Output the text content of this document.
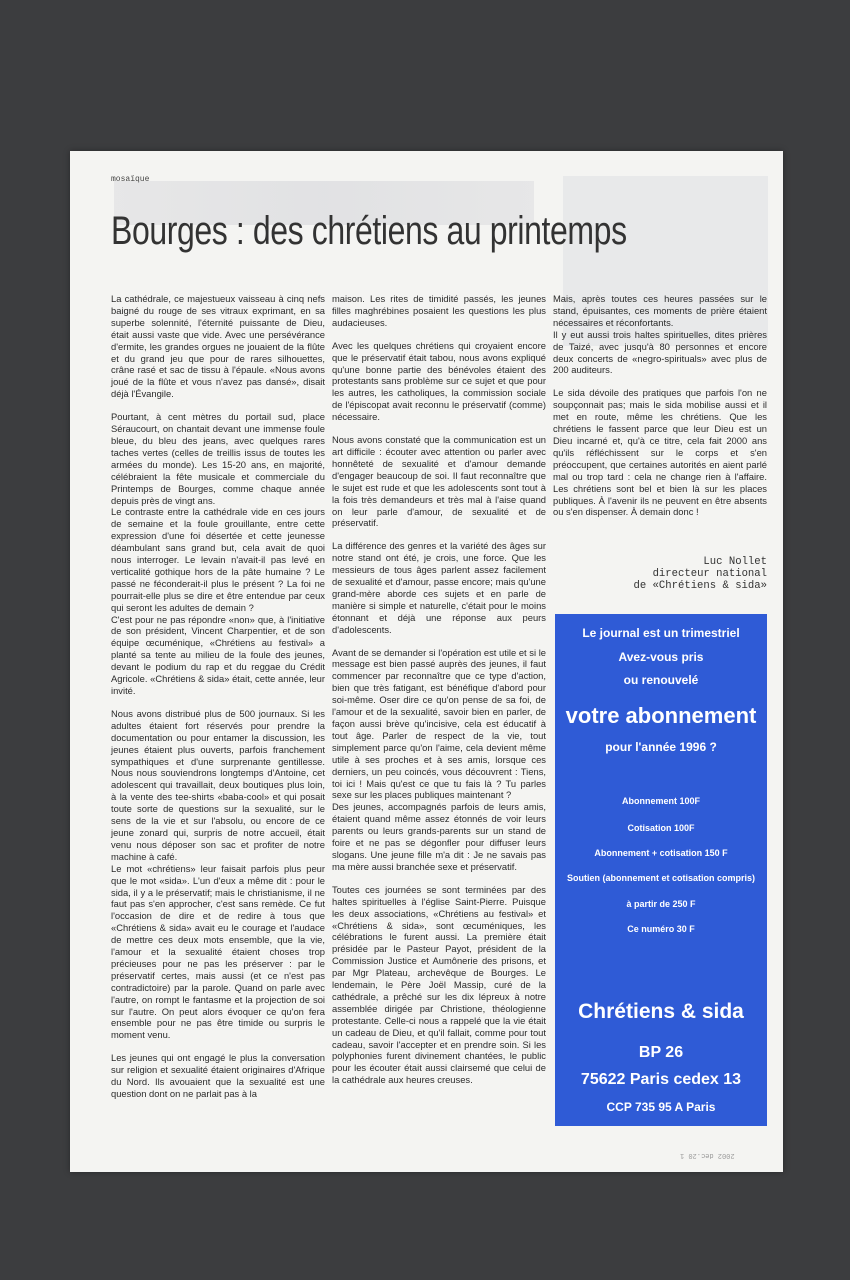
mosaïque
Bourges : des chrétiens au printemps

La cathédrale, ce majestueux vaisseau à cinq nefs baigné du rouge de ses vitraux exprimant, en sa superbe solennité, l'éternité puissante de Dieu, était aussi vaste que vide. Avec une persévérance d'ermite, les grandes orgues ne jouaient de la flûte et du grand jeu que pour de rares silhouettes, crâne rasé et sac de tissu à l'épaule. «Nous avons joué de la flûte et vous n'avez pas dansé», disait déjà l'Évangile.

Pourtant, à cent mètres du portail sud, place Séraucourt, on chantait devant une immense foule bleue, du bleu des jeans, avec quelques rares taches vertes (celles de treillis issus de toutes les armées du monde). Les 15-20 ans, en majorité, célébraient la fête musicale et commerciale du Printemps de Bourges, comme chaque année depuis près de vingt ans.

Le contraste entre la cathédrale vide en ces jours de semaine et la foule grouillante, entre cette expression d'une foi désertée et cette jeunesse déambulant sans grand but, cela avait de quoi nous interroger. Le levain n'avait-il pas levé en verticalité gothique hors de la pâte humaine ? Le passé ne féconderait-il plus le présent ? La foi ne pourrait-elle plus se dire et être entendue par ceux qui seront les adultes de demain ?

C'est pour ne pas répondre «non» que, à l'initiative de son président, Vincent Charpentier, et de son équipe œcuménique, «Chrétiens au festival» a planté sa tente au milieu de la foule des jeunes, devant le podium du rap et du reggae du Crédit Agricole. «Chrétiens & sida» était, cette année, leur invité.

Nous avons distribué plus de 500 journaux. Si les adultes étaient fort réservés pour prendre la documentation ou pour entamer la discussion, les jeunes étaient plus ouverts, parfois franchement sympathiques et d'une surprenante gentillesse. Nous nous souviendrons longtemps d'Antoine, cet adolescent qui travaillait, deux boutiques plus loin, à la vente des tee-shirts «baba-cool» et qui posait toute sorte de questions sur la sexualité, sur le sens de la vie et sur l'absolu, ou encore de ce jeune zonard qui, surpris de notre accueil, était venu nous déposer son sac et profiter de notre machine à café.

Le mot «chrétiens» leur faisait parfois plus peur que le mot «sida». L'un d'eux a même dit : pour le sida, il y a le préservatif; mais le christianisme, il ne faut pas s'en approcher, c'est sans remède. Ce fut l'occasion de dire et de redire à tous que «Chrétiens & sida» avait eu le courage et l'audace de mettre ces deux mots ensemble, que la vie, l'amour et la sexualité étaient choses trop précieuses pour ne pas les préserver : par le préservatif certes, mais aussi (et ce n'est pas contradictoire) par la parole. Quand on parle avec l'autre, on rompt le fantasme et la projection de soi sur l'autre. On peut alors évoquer ce qu'on fera ensemble pour ne pas être timide ou surpris le moment venu.

Les jeunes qui ont engagé le plus la conversation sur religion et sexualité étaient originaires d'Afrique du Nord. Ils avouaient que la sexualité est une question dont on ne parlait pas à la

maison. Les rites de timidité passés, les jeunes filles maghrébines posaient les questions les plus audacieuses.

Avec les quelques chrétiens qui croyaient encore que le préservatif était tabou, nous avons expliqué qu'une bonne partie des bénévoles étaient des protestants sans problème sur ce sujet et que pour les autres, les catholiques, la commission sociale de l'épiscopat avait reconnu le préservatif (comme) nécessaire.

Nous avons constaté que la communication est un art difficile : écouter avec attention ou parler avec honnêteté de sexualité et d'amour demande d'engager beaucoup de soi. Il faut reconnaître que le sujet est rude et que les adolescents sont tout à la fois très demandeurs et très mal à l'aise quand on leur parle d'amour, de sexualité et de préservatif.

La différence des genres et la variété des âges sur notre stand ont été, je crois, une force. Que les messieurs de tous âges parlent assez facilement de sexualité et d'amour, passe encore; mais qu'une grand-mère aborde ces sujets et en parle de manière si simple et naturelle, c'était pour le moins étonnant et déjà une réponse aux peurs d'adolescents.

Avant de se demander si l'opération est utile et si le message est bien passé auprès des jeunes, il faut commencer par reconnaître que ce type d'action, bien que très fatigant, est bénéfique d'abord pour soi-même. Oser dire ce qu'on pense de sa foi, de l'amour et de la sexualité, savoir bien en parler, de façon aussi brève qu'incisive, cela est éducatif à tout âge. Parler de respect de la vie, tout simplement parce qu'on l'aime, cela devient même utile à ses proches et à ses amis, lorsque ces derniers, un peu coincés, vous découvrent : Tiens, toi ici ! Mais qu'est ce que tu fais là ? Tu parles sexe sur les places publiques maintenant ?

Des jeunes, accompagnés parfois de leurs amis, étaient quand même assez étonnés de voir leurs parents ou leurs grands-parents sur un stand de foire et ne pas se dégonfler pour diffuser leurs slogans. Une jeune fille m'a dit : Je ne savais pas ma mère aussi branchée sexe et préservatif.

Toutes ces journées se sont terminées par des haltes spirituelles à l'église Saint-Pierre. Puisque les deux associations, «Chrétiens au festival» et «Chrétiens & sida», sont œcuméniques, les célébrations le furent aussi. La première était présidée par le Pasteur Payot, président de la Commission Justice et Aumônerie des prisons, et par Mgr Plateau, archevêque de Bourges. Le lendemain, le Père Joël Massip, curé de la cathédrale, a prêché sur les dix lépreux à notre assemblée dirigée par Christione, théologienne protestante. Celle-ci nous a rappelé que la vie était un cadeau de Dieu, et qu'il fallait, comme pour tout cadeau, savoir l'accepter et en prendre soin. Si les polyphonies furent divinement chantées, le public pour les écouter était aussi clairsemé que celui de la cathédrale aux heures creuses.

Mais, après toutes ces heures passées sur le stand, épuisantes, ces moments de prière étaient nécessaires et réconfortants.

Il y eut aussi trois haltes spirituelles, dites prières de Taizé, avec jusqu'à 80 personnes et encore deux concerts de «negro-spirituals» avec plus de 200 auditeurs.

Le sida dévoile des pratiques que parfois l'on ne soupçonnait pas; mais le sida mobilise aussi et il met en route, même les chrétiens. Que les chrétiens le fassent parce que leur Dieu est un Dieu incarné et, qu'à ce titre, cela fait 2000 ans qu'ils réfléchissent sur le corps et s'en préoccupent, que certaines autorités en aient parlé mal ou trop tard : cela ne change rien à l'affaire. Les chrétiens sont bel et bien là sur les places publiques. À l'avenir ils ne peuvent en être absents ou s'en dispenser. À demain donc !

Luc Nollet
directeur national
de «Chrétiens & sida»
Le journal est un trimestriel
Avez-vous pris
ou renouvelé
votre abonnement
pour l'année 1996 ?
Abonnement 100F
Cotisation 100F
Abonnement + cotisation 150 F
Soutien (abonnement et cotisation compris)
à partir de 250 F
Ce numéro 30 F
Chrétiens & sida
BP 26
75622 Paris cedex 13
CCP 735 95 A Paris
2002 dec.20 1
